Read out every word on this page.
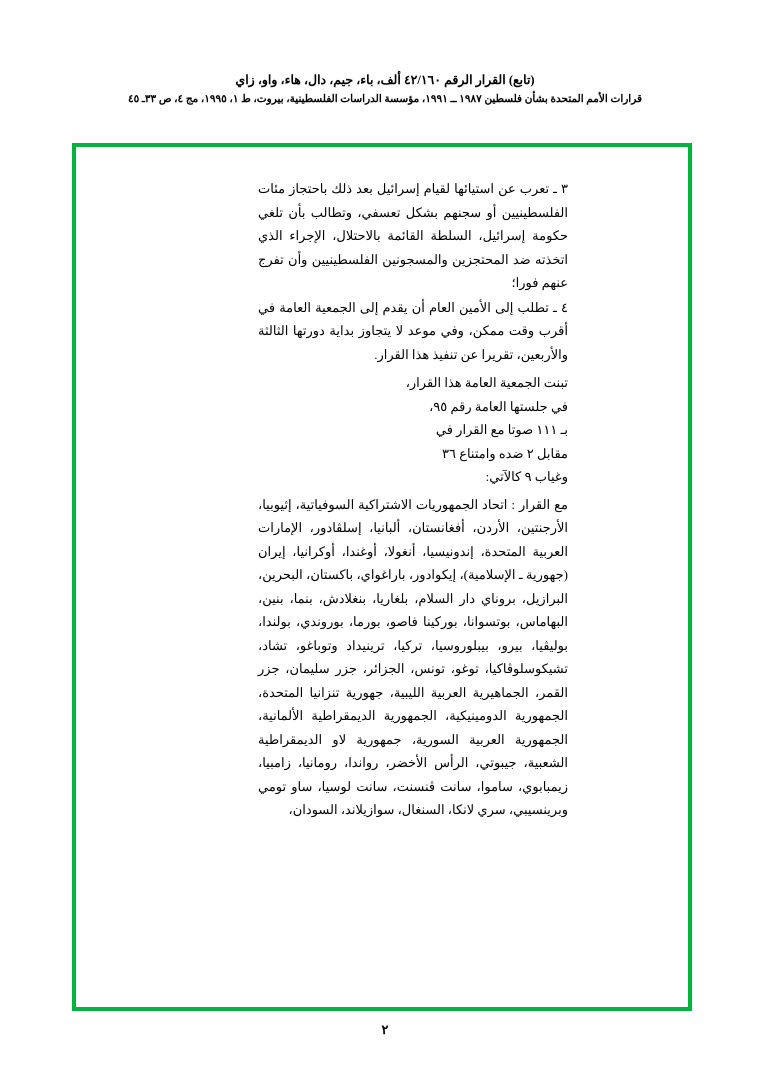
(تابع) القرار الرقم ٤٢/١٦٠ ألف، باء، جيم، دال، هاء، واو، زاي
قرارات الأمم المتحدة بشأن فلسطين ١٩٨٧ ــ ١٩٩١، مؤسسة الدراسات الفلسطينية، بيروت، ط ١، ١٩٩٥، مج ٤، ص ٣٣ـ ٤٥

٣ ـ تعرب عن استيائها لقيام إسرائيل بعد ذلك باحتجاز مئات الفلسطينيين أو سجنهم بشكل تعسفي، وتطالب بأن تلغي حكومة إسرائيل، السلطة القائمة بالاحتلال، الإجراء الذي اتخذته ضد المحتجزين والمسجونين الفلسطينيين وأن تفرج عنهم فورا؛

٤ ـ تطلب إلى الأمين العام أن يقدم إلى الجمعية العامة في أقرب وقت ممكن، وفي موعد لا يتجاوز بداية دورتها الثالثة والأربعين، تقريرا عن تنفيذ هذا القرار.

تبنت الجمعية العامة هذا القرار،
في جلستها العامة رقم ٩٥،
بـ ١١١ صوتا مع القرار في
مقابل ٢ ضده وامتناع ٣٦
وغياب ٩ كالآتي:

مع القرار : اتحاد الجمهوريات الاشتراكية السوفياتية، إثيوبيا، الأرجنتين، الأردن، أفغانستان، ألبانيا، إسلڤادور، الإمارات العربية المتحدة، إندونيسيا، أنغولا، أوغندا، أوكرانيا، إيران (جهورية ـ الإسلامية)، إيكوادور، باراغواي، باكستان، البحرين، البرازيل، بروناي دار السلام، بلغاريا، بنغلادش، بنما، بنين، البهاماس، بوتسوانا، بوركينا فاصو، بورما، بوروندي، بولندا، بوليڤيا، بيرو، بيبلوروسيا، تركيا، ترينيداد وتوباغو، تشاد، تشيكوسلوڤاكيا، توغو، تونس، الجزائر، جزر سليمان، جزر القمر، الجماهيرية العربية الليبية، جهورية تنزانيا المتحدة، الجمهورية الدومينيكية، الجمهورية الديمقراطية الألمانية، الجمهورية العربية السورية، جمهورية لاو الديمقراطية الشعبية، جيبوتي، الرأس الأخضر، رواندا، رومانيا، زامبيا، زيمبابوي، ساموا، سانت ڤنسنت، سانت لوسيا، ساو تومي وبرينسيبي، سري لانكا، السنغال، سوازيلاند، السودان،

٢
